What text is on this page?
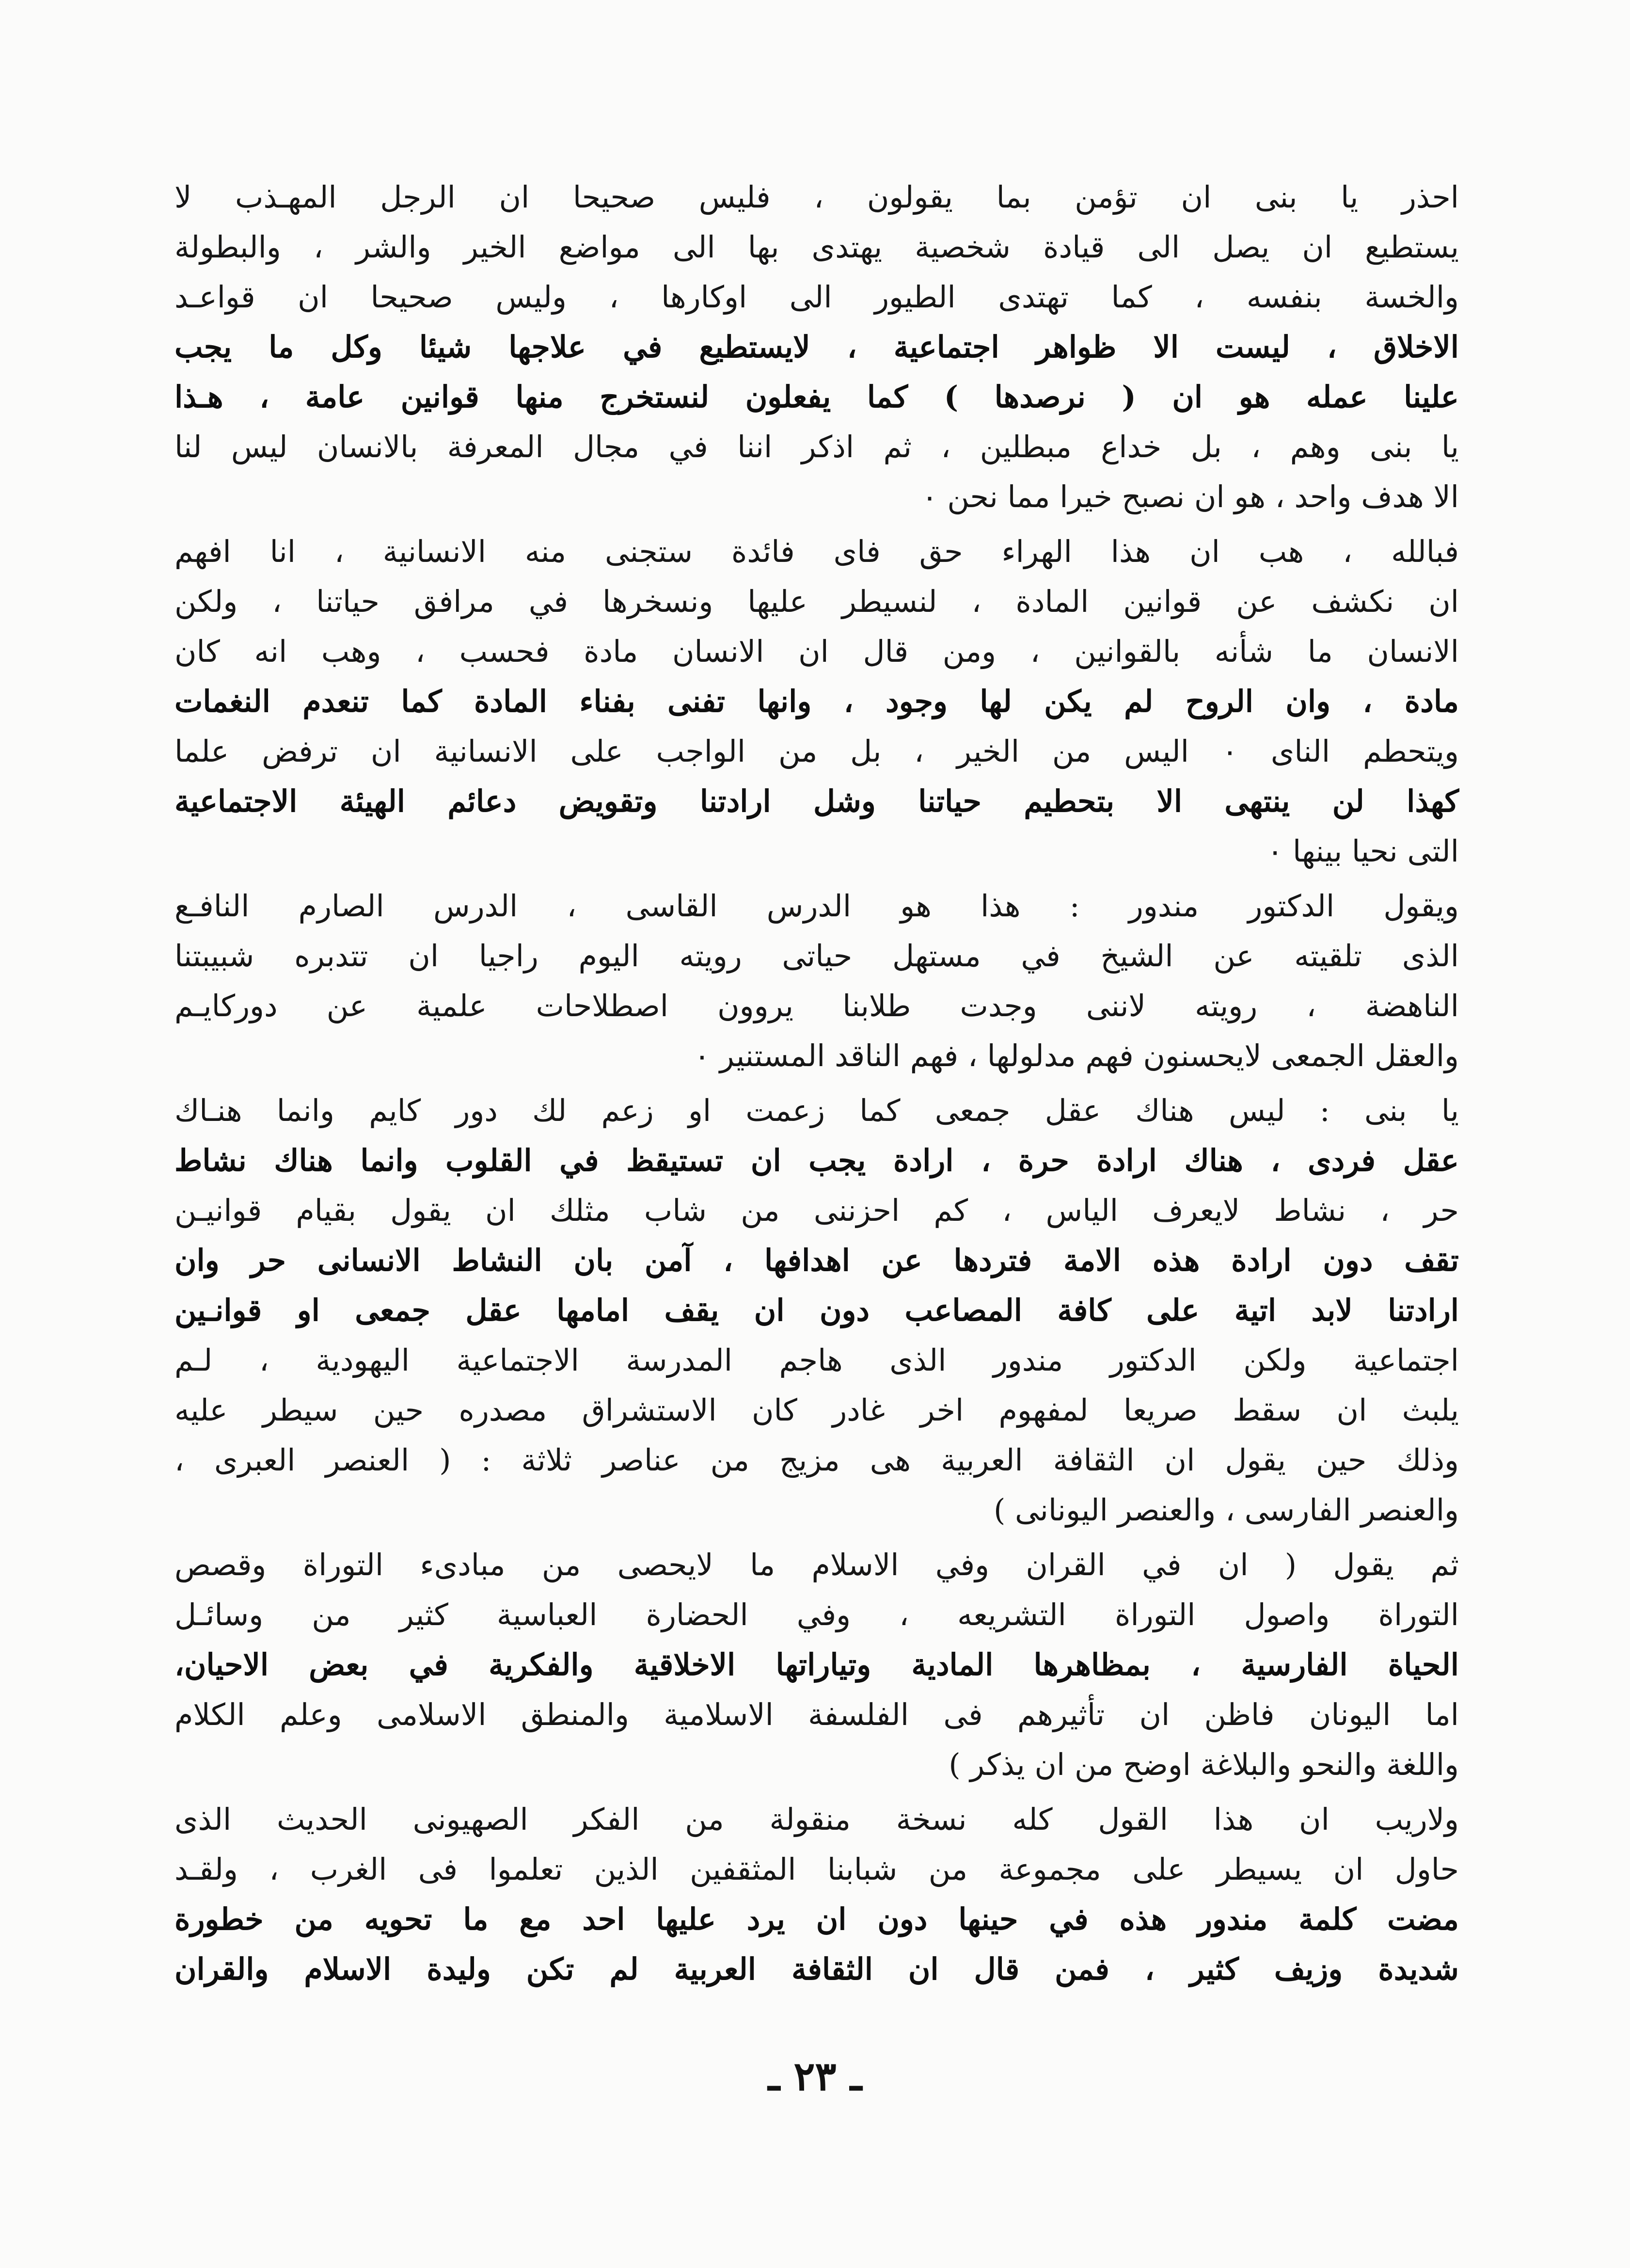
احذر يا بنى ان تؤمن بما يقولون ، فليس صحيحا ان الرجل المهـذب لا
يستطيع ان يصل الى قيادة شخصية يهتدى بها الى مواضع الخير والشر ، والبطولة
والخسة بنفسه ، كما تهتدى الطيور الى اوكارها ، وليس صحيحا ان قواعـد
الاخلاق ، ليست الا ظواهر اجتماعية ، لايستطيع في علاجها شيئا وكل ما يجب
علينا عمله هو ان ( نرصدها ) كما يفعلون لنستخرج منها قوانين عامة ، هـذا
يا بنى وهم ، بل خداع مبطلين ، ثم اذكر اننا في مجال المعرفة بالانسان ليس لنا
الا هدف واحد ، هو ان نصبح خيرا مما نحن ٠
فبالله ، هب ان هذا الهراء حق فاى فائدة ستجنى منه الانسانية ، انا افهم
ان نكشف عن قوانين المادة ، لنسيطر عليها ونسخرها في مرافق حياتنا ، ولكن
الانسان ما شأنه بالقوانين ، ومن قال ان الانسان مادة فحسب ، وهب انه كان
مادة ، وان الروح لم يكن لها وجود ، وانها تفنى بفناء المادة كما تنعدم النغمات
ويتحطم الناى ٠ اليس من الخير ، بل من الواجب على الانسانية ان ترفض علما
كهذا لن ينتهى الا بتحطيم حياتنا وشل ارادتنا وتقويض دعائم الهيئة الاجتماعية
التى نحيا بينها ٠
ويقول الدكتور مندور : هذا هو الدرس القاسى ، الدرس الصارم النافـع
الذى تلقيته عن الشيخ في مستهل حياتى رويته اليوم راجيا ان تتدبره شبيبتنا
الناهضة ، رويته لاننى وجدت طلابنا يروون اصطلاحات علمية عن دوركايـم
والعقل الجمعى لايحسنون فهم مدلولها ، فهم الناقد المستنير ٠
يا بنى : ليس هناك عقل جمعى كما زعمت او زعم لك دور كايم وانما هنـاك
عقل فردى ، هناك ارادة حرة ، ارادة يجب ان تستيقظ في القلوب وانما هناك نشاط
حر ، نشاط لايعرف الياس ، كم احزننى من شاب مثلك ان يقول بقيام قوانيـن
تقف دون ارادة هذه الامة فتردها عن اهدافها ، آمن بان النشاط الانسانى حر وان
ارادتنا لابد اتية على كافة المصاعب دون ان يقف امامها عقل جمعى او قوانـين
اجتماعية ولكن الدكتور مندور الذى هاجم المدرسة الاجتماعية اليهودية ، لـم
يلبث ان سقط صريعا لمفهوم اخر غادر كان الاستشراق مصدره حين سيطر عليه
وذلك حين يقول ان الثقافة العربية هى مزيج من عناصر ثلاثة : ( العنصر العبرى ،
والعنصر الفارسى ، والعنصر اليونانى )
ثم يقول ( ان في القران وفي الاسلام ما لايحصى من مبادىء التوراة وقصص
التوراة واصول التوراة التشريعه ، وفي الحضارة العباسية كثير من وسائـل
الحياة الفارسية ، بمظاهرها المادية وتياراتها الاخلاقية والفكرية في بعض الاحيان،
اما اليونان فاظن ان تأثيرهم فى الفلسفة الاسلامية والمنطق الاسلامى وعلم الكلام
واللغة والنحو والبلاغة اوضح من ان يذكر )
ولاريب ان هذا القول كله نسخة منقولة من الفكر الصهيونى الحديث الذى
حاول ان يسيطر على مجموعة من شبابنا المثقفين الذين تعلموا فى الغرب ، ولقـد
مضت كلمة مندور هذه في حينها دون ان يرد عليها احد مع ما تحويه من خطورة
شديدة وزيف كثير ، فمن قال ان الثقافة العربية لم تكن وليدة الاسلام والقران
ـ ٢٣ ـ
